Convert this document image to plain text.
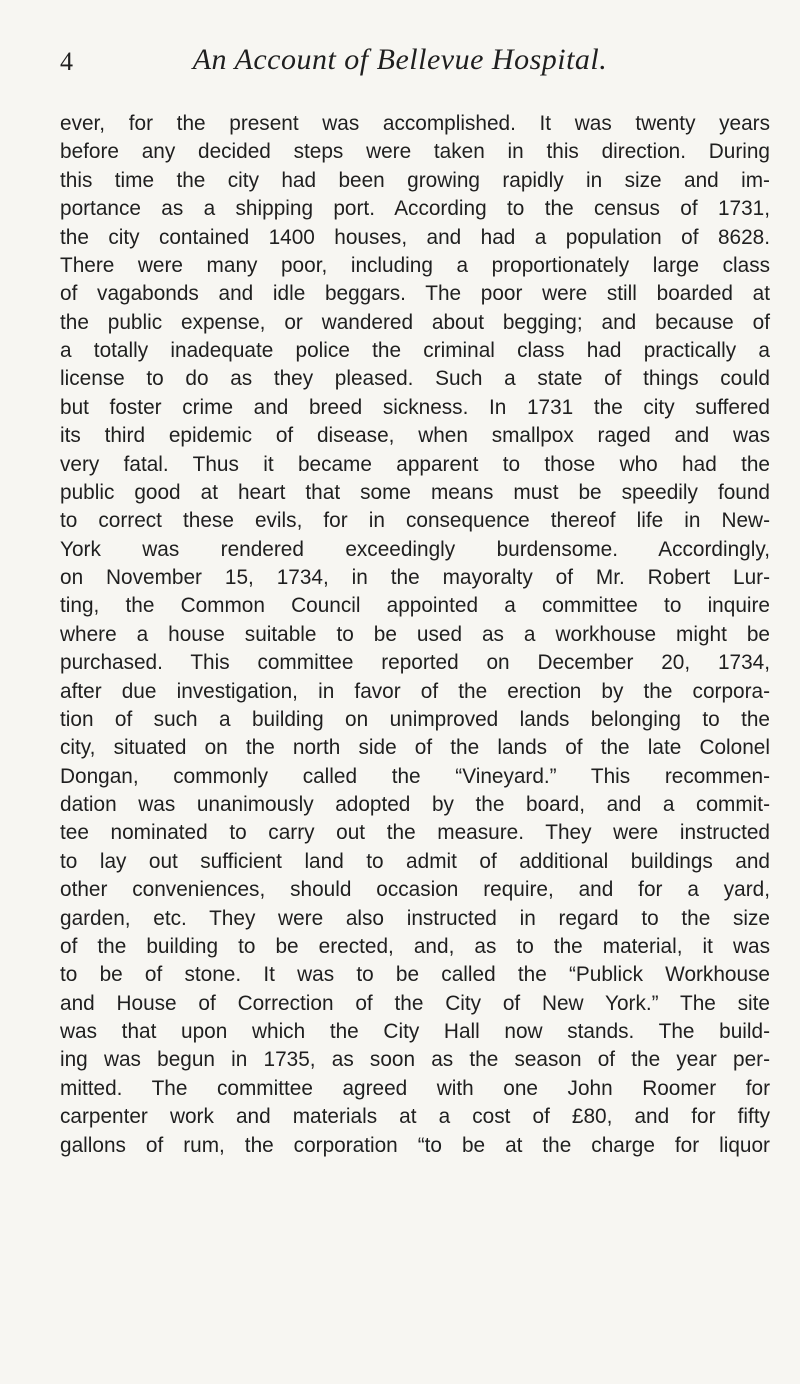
4	An Account of Bellevue Hospital.
ever, for the present was accomplished. It was twenty years
before any decided steps were taken in this direction. During
this time the city had been growing rapidly in size and im-
portance as a shipping port. According to the census of 1731,
the city contained 1400 houses, and had a population of 8628.
There were many poor, including a proportionately large class
of vagabonds and idle beggars. The poor were still boarded at
the public expense, or wandered about begging; and because of
a totally inadequate police the criminal class had practically a
license to do as they pleased. Such a state of things could
but foster crime and breed sickness. In 1731 the city suffered
its third epidemic of disease, when smallpox raged and was
very fatal. Thus it became apparent to those who had the
public good at heart that some means must be speedily found
to correct these evils, for in consequence thereof life in New-
York was rendered exceedingly burdensome. Accordingly,
on November 15, 1734, in the mayoralty of Mr. Robert Lur-
ting, the Common Council appointed a committee to inquire
where a house suitable to be used as a workhouse might be
purchased. This committee reported on December 20, 1734,
after due investigation, in favor of the erection by the corpora-
tion of such a building on unimproved lands belonging to the
city, situated on the north side of the lands of the late Colonel
Dongan, commonly called the “Vineyard.” This recommen-
dation was unanimously adopted by the board, and a commit-
tee nominated to carry out the measure. They were instructed
to lay out sufficient land to admit of additional buildings and
other conveniences, should occasion require, and for a yard,
garden, etc. They were also instructed in regard to the size
of the building to be erected, and, as to the material, it was
to be of stone. It was to be called the “Publick Workhouse
and House of Correction of the City of New York.” The site
was that upon which the City Hall now stands. The build-
ing was begun in 1735, as soon as the season of the year per-
mitted. The committee agreed with one John Roomer for
carpenter work and materials at a cost of £80, and for fifty
gallons of rum, the corporation “to be at the charge for liquor
